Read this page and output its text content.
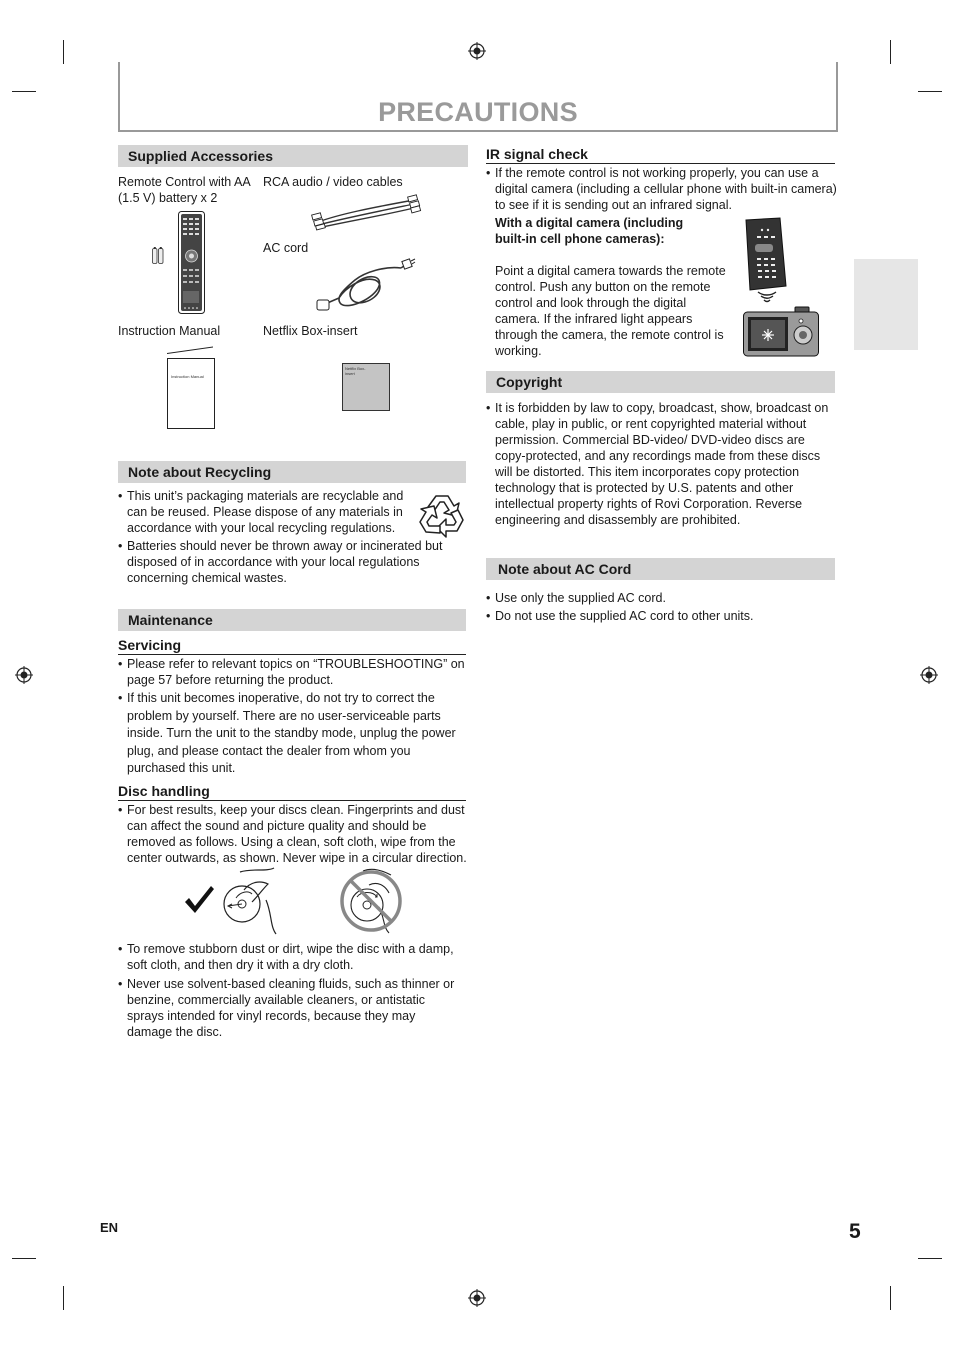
PRECAUTIONS
Supplied Accessories
Remote Control with AA (1.5 V) battery x 2
RCA audio / video cables
AC cord
Instruction Manual	Netflix Box-insert
Instruction Manual
Netflix Box-insert
Note about Recycling
• This unit’s packaging materials are recyclable and can be reused. Please dispose of any materials in accordance with your local recycling regulations.
• Batteries should never be thrown away or incinerated but disposed of in accordance with your local regulations concerning chemical wastes.
Maintenance
Servicing
• Please refer to relevant topics on “TROUBLESHOOTING” on page 57 before returning the product.
• If this unit becomes inoperative, do not try to correct the problem by yourself. There are no user-serviceable parts inside. Turn the unit to the standby mode, unplug the power plug, and please contact the dealer from whom you purchased this unit.
Disc handling
• For best results, keep your discs clean. Fingerprints and dust can affect the sound and picture quality and should be removed as follows. Using a clean, soft cloth, wipe from the center outwards, as shown. Never wipe in a circular direction.
• To remove stubborn dust or dirt, wipe the disc with a damp, soft cloth, and then dry it with a dry cloth.
• Never use solvent-based cleaning fluids, such as thinner or benzine, commercially available cleaners, or antistatic sprays intended for vinyl records, because they may damage the disc.
IR signal check
• If the remote control is not working properly, you can use a digital camera (including a cellular phone with built-in camera) to see if it is sending out an infrared signal.
With a digital camera (including built-in cell phone cameras):
Point a digital camera towards the remote control. Push any button on the remote control and look through the digital camera. If the infrared light appears through the camera, the remote control is working.
Copyright
• It is forbidden by law to copy, broadcast, show, broadcast on cable, play in public, or rent copyrighted material without permission. Commercial BD-video/ DVD-video discs are copy-protected, and any recordings made from these discs will be distorted. This item incorporates copy protection technology that is protected by U.S. patents and other intellectual property rights of Rovi Corporation. Reverse engineering and disassembly are prohibited.
Note about AC Cord
• Use only the supplied AC cord.
• Do not use the supplied AC cord to other units.
EN	5
